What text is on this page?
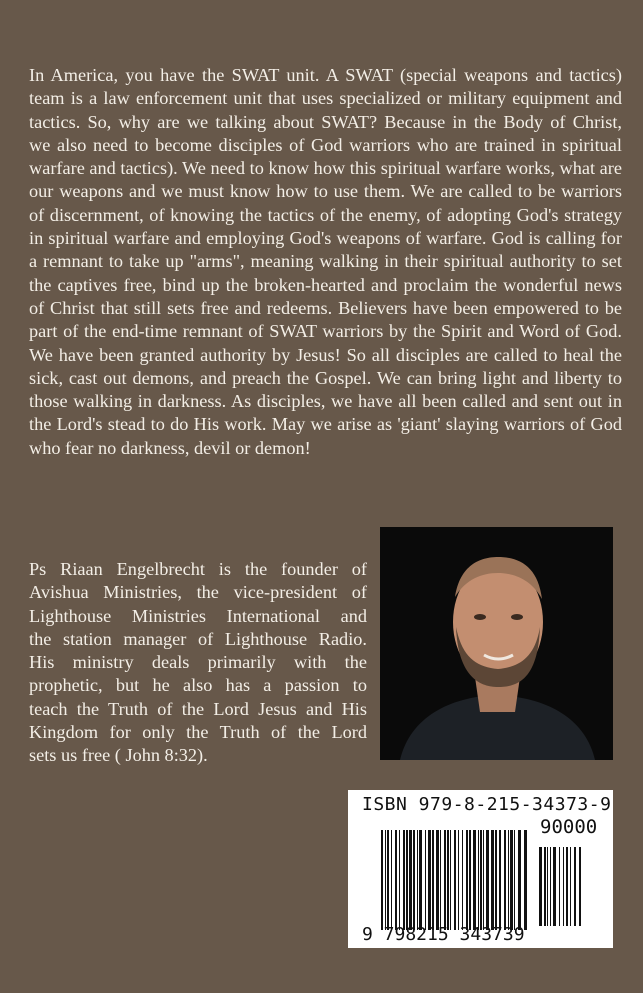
In America, you have the SWAT unit. A SWAT (special weapons and tactics)
team is a law enforcement unit that uses specialized or military equipment and
tactics. So, why are we talking about SWAT? Because in the Body of Christ,
we also need to become disciples of God warriors who are trained in spiritual
warfare and tactics). We need to know how this spiritual warfare works, what are
our weapons and we must know how to use them. We are called to be warriors
of discernment, of knowing the tactics of the enemy, of adopting God's strategy
in spiritual warfare and employing God's weapons of warfare. God is calling for
a remnant to take up "arms", meaning walking in their spiritual authority to set
the captives free, bind up the broken-hearted and proclaim the wonderful news
of Christ that still sets free and redeems. Believers have been empowered to be
part of the end-time remnant of SWAT warriors by the Spirit and Word of God.
We have been granted authority by Jesus! So all disciples are called to heal the
sick, cast out demons, and preach the Gospel. We can bring light and liberty to
those walking in darkness. As disciples, we have all been called and sent out in
the Lord's stead to do His work. May we arise as 'giant' slaying warriors of God
who fear no darkness, devil or demon!
Ps Riaan Engelbrecht is the founder of
Avishua Ministries, the vice-president of
Lighthouse Ministries International and
the station manager of Lighthouse Radio.
His ministry deals primarily with the
prophetic, but he also has a passion to
teach the Truth of the Lord Jesus and His
Kingdom for only the Truth of the Lord
sets us free ( John 8:32).
ISBN 979-8-215-34373-9
90000
9 798215 343739
